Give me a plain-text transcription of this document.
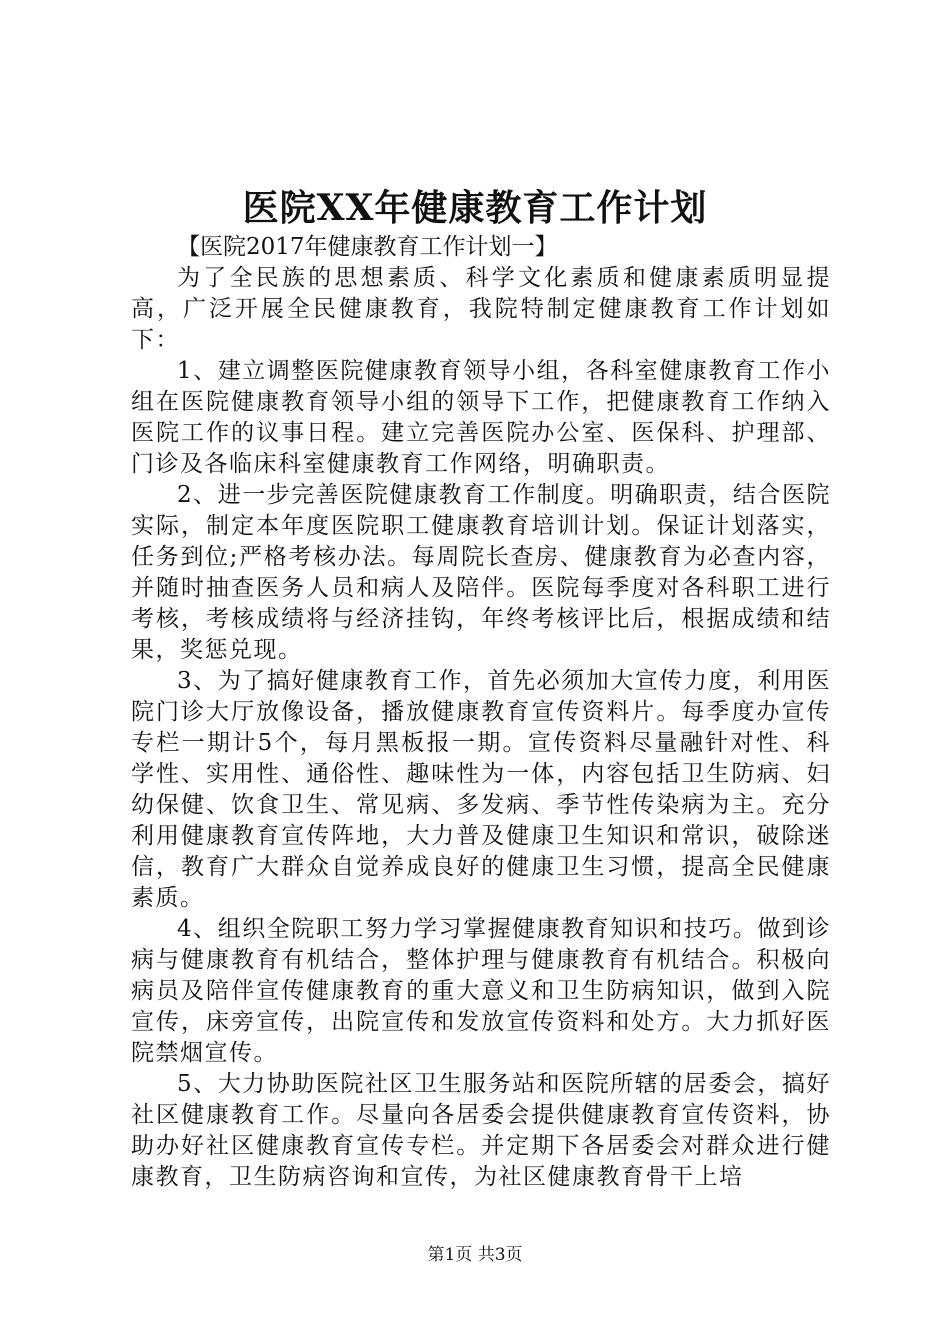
医院XX年健康教育工作计划

【医院2017年健康教育工作计划一】

为了全民族的思想素质、科学文化素质和健康素质明显提高，广泛开展全民健康教育，我院特制定健康教育工作计划如下：

1、建立调整医院健康教育领导小组，各科室健康教育工作小组在医院健康教育领导小组的领导下工作，把健康教育工作纳入医院工作的议事日程。建立完善医院办公室、医保科、护理部、门诊及各临床科室健康教育工作网络，明确职责。

2、进一步完善医院健康教育工作制度。明确职责，结合医院实际，制定本年度医院职工健康教育培训计划。保证计划落实，任务到位;严格考核办法。每周院长查房、健康教育为必查内容，并随时抽查医务人员和病人及陪伴。医院每季度对各科职工进行考核，考核成绩将与经济挂钩，年终考核评比后，根据成绩和结果，奖惩兑现。

3、为了搞好健康教育工作，首先必须加大宣传力度，利用医院门诊大厅放像设备，播放健康教育宣传资料片。每季度办宣传专栏一期计5个，每月黑板报一期。宣传资料尽量融针对性、科学性、实用性、通俗性、趣味性为一体，内容包括卫生防病、妇幼保健、饮食卫生、常见病、多发病、季节性传染病为主。充分利用健康教育宣传阵地，大力普及健康卫生知识和常识，破除迷信，教育广大群众自觉养成良好的健康卫生习惯，提高全民健康素质。

4、组织全院职工努力学习掌握健康教育知识和技巧。做到诊病与健康教育有机结合，整体护理与健康教育有机结合。积极向病员及陪伴宣传健康教育的重大意义和卫生防病知识，做到入院宣传，床旁宣传，出院宣传和发放宣传资料和处方。大力抓好医院禁烟宣传。

5、大力协助医院社区卫生服务站和医院所辖的居委会，搞好社区健康教育工作。尽量向各居委会提供健康教育宣传资料，协助办好社区健康教育宣传专栏。并定期下各居委会对群众进行健康教育，卫生防病咨询和宣传，为社区健康教育骨干上培

第1页 共3页
